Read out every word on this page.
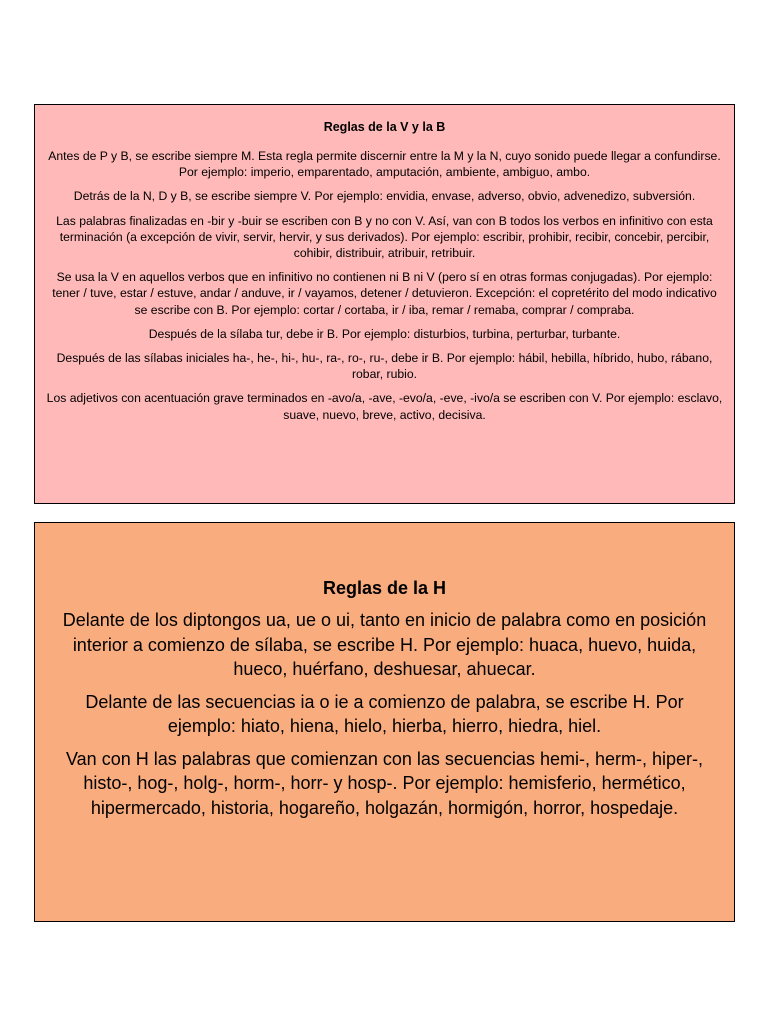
Reglas de la V y la B

Antes de P y B, se escribe siempre M. Esta regla permite discernir entre la M y la N, cuyo sonido puede llegar a confundirse. Por ejemplo: imperio, emparentado, amputación, ambiente, ambiguo, ambo.

Detrás de la N, D y B, se escribe siempre V. Por ejemplo: envidia, envase, adverso, obvio, advenedizo, subversión.

Las palabras finalizadas en -bir y -buir se escriben con B y no con V. Así, van con B todos los verbos en infinitivo con esta terminación (a excepción de vivir, servir, hervir, y sus derivados). Por ejemplo: escribir, prohibir, recibir, concebir, percibir, cohibir, distribuir, atribuir, retribuir.

Se usa la V en aquellos verbos que en infinitivo no contienen ni B ni V (pero sí en otras formas conjugadas). Por ejemplo: tener / tuve, estar / estuve, andar / anduve, ir / vayamos, detener / detuvieron. Excepción: el copretérito del modo indicativo se escribe con B. Por ejemplo: cortar / cortaba, ir / iba, remar / remaba, comprar / compraba.

Después de la sílaba tur, debe ir B. Por ejemplo: disturbios, turbina, perturbar, turbante.

Después de las sílabas iniciales ha-, he-, hi-, hu-, ra-, ro-, ru-, debe ir B. Por ejemplo: hábil, hebilla, híbrido, hubo, rábano, robar, rubio.

Los adjetivos con acentuación grave terminados en -avo/a, -ave, -evo/a, -eve, -ivo/a se escriben con V. Por ejemplo: esclavo, suave, nuevo, breve, activo, decisiva.

Reglas de la H

Delante de los diptongos ua, ue o ui, tanto en inicio de palabra como en posición interior a comienzo de sílaba, se escribe H. Por ejemplo: huaca, huevo, huida, hueco, huérfano, deshuesar, ahuecar.

Delante de las secuencias ia o ie a comienzo de palabra, se escribe H. Por ejemplo: hiato, hiena, hielo, hierba, hierro, hiedra, hiel.

Van con H las palabras que comienzan con las secuencias hemi-, herm-, hiper-, histo-, hog-, holg-, horm-, horr- y hosp-. Por ejemplo: hemisferio, hermético, hipermercado, historia, hogareño, holgazán, hormigón, horror, hospedaje.
